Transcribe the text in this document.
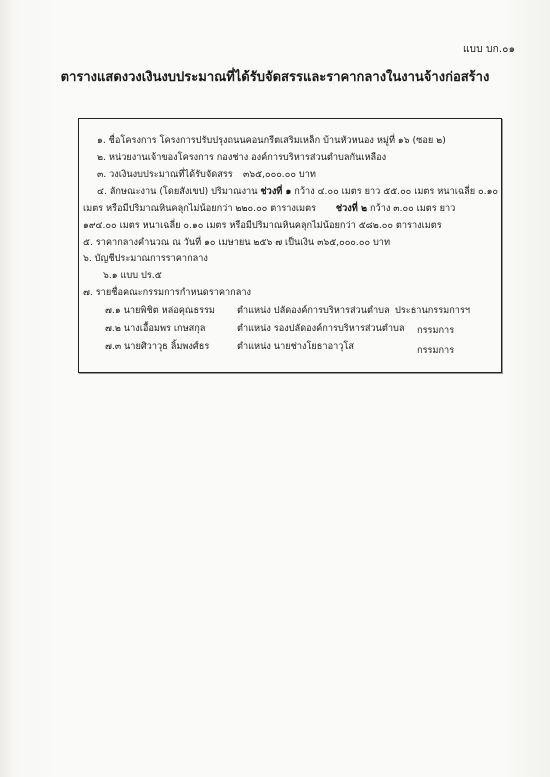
แบบ บก.๐๑
ตารางแสดงวงเงินงบประมาณที่ได้รับจัดสรรและราคากลางในงานจ้างก่อสร้าง
๑. ชื่อโครงการ โครงการปรับปรุงถนนคอนกรีตเสริมเหล็ก บ้านหัวหนอง หมู่ที่ ๑๖ (ซอย ๒)
๒. หน่วยงานเจ้าของโครงการ กองช่าง องค์การบริหารส่วนตำบลกันเหลือง
๓. วงเงินงบประมาณที่ได้รับจัดสรร ๓๖๕,๐๐๐.๐๐ บาท
๔. ลักษณะงาน (โดยสังเขป) ปริมาณงาน ช่วงที่ ๑ กว้าง ๔.๐๐ เมตร ยาว ๕๕.๐๐ เมตร หนาเฉลี่ย ๐.๑๐
เมตร หรือมีปริมาณหินคลุกไม่น้อยกว่า ๒๒๐.๐๐ ตารางเมตร ช่วงที่ ๒ กว้าง ๓.๐๐ เมตร ยาว
๑๙๔.๐๐ เมตร หนาเฉลี่ย ๐.๑๐ เมตร หรือมีปริมาณหินคลุกไม่น้อยกว่า ๕๘๒.๐๐ ตารางเมตร
๕. ราคากลางคำนวณ ณ วันที่ ๑๐ เมษายน ๒๕๖ ๗ เป็นเงิน ๓๖๕,๐๐๐.๐๐ บาท
๖. บัญชีประมาณการราคากลาง
๖.๑ แบบ ปร.๕
๗. รายชื่อคณะกรรมการกำหนดราคากลาง
๗.๑ นายพิชิต หล่อคุณธรรม ตำแหน่ง ปลัดองค์การบริหารส่วนตำบล ประธานกรรมการฯ
๗.๒ นางเอื้อมพร เกษสกุล	ตำแหน่ง รองปลัดองค์การบริหารส่วนตำบล กรรมการ
๗.๓ นายศิวาวุธ ลิ้มพงศ์ธร	ตำแหน่ง นายช่างโยธาอาวุโส	กรรมการ
